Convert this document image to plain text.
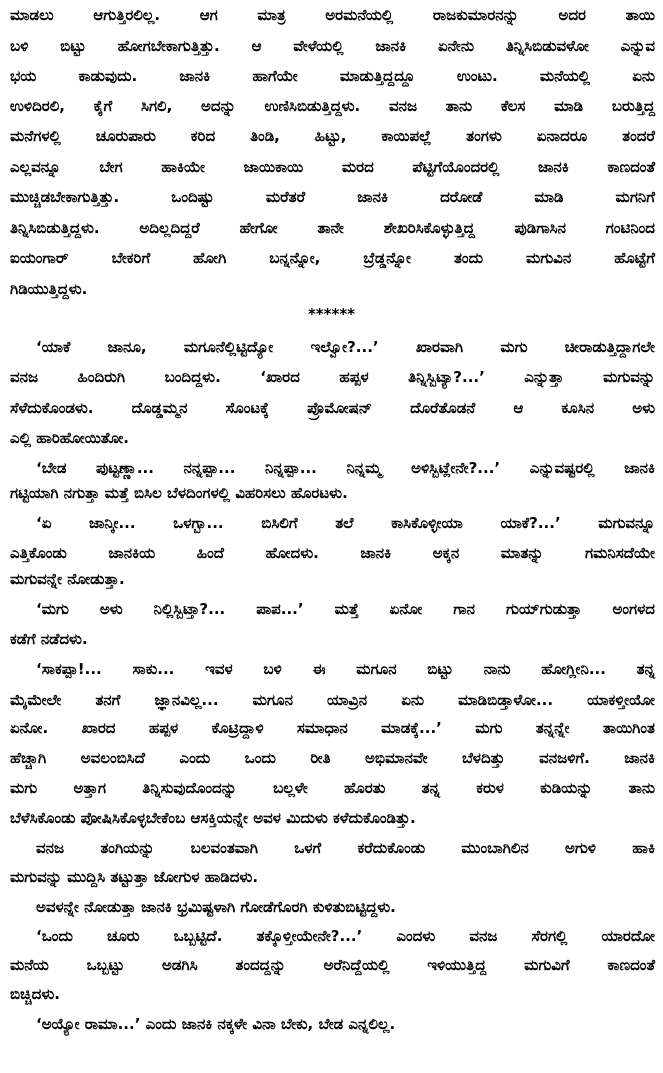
ಮಾಡಲು ಆಗುತ್ತಿರಲಿಲ್ಲ. ಆಗ ಮಾತ್ರ ಅರಮನೆಯಲ್ಲಿ ರಾಜಕುಮಾರನನ್ನು ಅದರ ತಾಯಿ
ಬಳಿ ಬಿಟ್ಟು ಹೋಗಬೇಕಾಗುತ್ತಿತ್ತು. ಆ ವೇಳೆಯಲ್ಲಿ ಜಾನಕಿ ಏನೇನು ತಿನ್ನಿಸಿಬಿಡುವಳೋ ಎನ್ನುವ
ಭಯ ಕಾಡುವುದು. ಜಾನಕಿ ಹಾಗೆಯೇ ಮಾಡುತ್ತಿದ್ದದ್ದೂ ಉಂಟು. ಮನೆಯಲ್ಲಿ ಏನು
ಉಳಿದಿರಲಿ, ಕೈಗೆ ಸಿಗಲಿ, ಅದನ್ನು ಉಣಿಸಿಬಿಡುತ್ತಿದ್ದಳು. ವನಜ ತಾನು ಕೆಲಸ ಮಾಡಿ ಬರುತ್ತಿದ್ದ
ಮನೆಗಳಲ್ಲಿ ಚೂರುಪಾರು ಕರಿದ ತಿಂಡಿ, ಹಿಟ್ಟು, ಕಾಯಿಪಲ್ಲೆ ತಂಗಳು ಏನಾದರೂ ತಂದರೆ
ಎಲ್ಲವನ್ನೂ ಬೇಗ ಹಾಕಿಯೇ ಜಾಯಿಕಾಯಿ ಮರದ ಪೆಟ್ಟಿಗೆಯೊಂದರಲ್ಲಿ ಜಾನಕಿ ಕಾಣದಂತೆ
ಮುಚ್ಚಿಡಬೇಕಾಗುತ್ತಿತ್ತು. ಒಂದಿಷ್ಟು ಮರೆತರೆ ಜಾನಕಿ ದರೋಡೆ ಮಾಡಿ ಮಗನಿಗೆ
ತಿನ್ನಿಸಿಬಿಡುತ್ತಿದ್ದಳು. ಅದಿಲ್ಲದಿದ್ದರೆ ಹೇಗೋ ತಾನೇ ಶೇಖರಿಸಿಕೊಳ್ಳುತ್ತಿದ್ದ ಪುಡಿಗಾಸಿನ ಗಂಟಿನಿಂದ
ಐಯಂಗಾರ್ ಬೇಕರಿಗೆ ಹೋಗಿ ಬನ್ನನ್ನೋ, ಬ್ರೆಡ್ಡನ್ನೋ ತಂದು ಮಗುವಿನ ಹೊಟ್ಟೆಗೆ
ಗಿಡಿಯುತ್ತಿದ್ದಳು.
******
‘ಯಾಕೆ ಜಾನೂ, ಮಗೂನೆಲ್ಲಿಟ್ಟಿದ್ಯೋ ಇಲ್ವೋ?...’ ಖಾರವಾಗಿ ಮಗು ಚೀರಾಡುತ್ತಿದ್ದಾಗಲೇ
ವನಜ ಹಿಂದಿರುಗಿ ಬಂದಿದ್ದಳು. ‘ಖಾರದ ಹಪ್ಪಳ ತಿನ್ನಿಸ್ಬಿಟ್ಯಾ?...’ ಎನ್ನುತ್ತಾ ಮಗುವನ್ನು
ಸೆಳೆದುಕೊಂಡಳು. ದೊಡ್ಡಮ್ಮನ ಸೊಂಟಕ್ಕೆ ಪ್ರೊಮೋಷನ್ ದೊರೆತೊಡನೆ ಆ ಕೂಸಿನ ಅಳು
ಎಲ್ಲಿ ಹಾರಿಹೋಯಿತೋ.
‘ಬೇಡ ಪುಟ್ಟಣ್ಣಾ... ನನ್ನಪ್ಪಾ... ನಿನ್ನಪ್ಪಾ... ನಿನ್ನಮ್ಮ ಅಳಿಸ್ಬಿಟ್ಲೇನೇ?...’ ಎನ್ನುವಷ್ಟರಲ್ಲಿ ಜಾನಕಿ
ಗಟ್ಟಿಯಾಗಿ ನಗುತ್ತಾ ಮತ್ತೆ ಬಿಸಿಲ ಬೆಳದಿಂಗಳಲ್ಲಿ ವಿಹರಿಸಲು ಹೊರಟಳು.
‘ಏ ಜಾನ್ಕೀ... ಒಳಗ್ಬಾ... ಬಿಸಿಲಿಗೆ ತಲೆ ಕಾಸಿಕೊಳ್ಳೀಯಾ ಯಾಕೆ?...’ ಮಗುವನ್ನೂ
ಎತ್ತಿಕೊಂಡು ಜಾನಕಿಯ ಹಿಂದೆ ಹೋದಳು. ಜಾನಕಿ ಅಕ್ಕನ ಮಾತನ್ನು ಗಮನಿಸದೆಯೇ
ಮಗುವನ್ನೇ ನೋಡುತ್ತಾ.
‘ಮಗು ಅಳು ನಿಲ್ಲಿಸ್ಬಿಟ್ತಾ?... ಪಾಪ...’ ಮತ್ತೆ ಏನೋ ಗಾನ ಗುಯ್‌ಗುಡುತ್ತಾ ಅಂಗಳದ
ಕಡೆಗೆ ನಡೆದಳು.
‘ಸಾಕಪ್ಪಾ!... ಸಾಕು... ಇವಳ ಬಳಿ ಈ ಮಗೂನ ಬಿಟ್ಟು ನಾನು ಹೋಗ್ಲೀನಿ... ತನ್ನ
ಮೈಮೇಲೇ ತನಗೆ ಜ್ಞಾನವಿಲ್ಲ... ಮಗೂನ ಯಾವ್ರಿನ ಏನು ಮಾಡಿಬಿಡ್ತಾಳೋ... ಯಾಕಳ್ತೀಯೋ
ಏನೋ. ಖಾರದ ಹಪ್ಪಳ ಕೊಟ್ರಿದ್ದಾಳಿ ಸಮಾಧಾನ ಮಾಡಕ್ಕೆ...’ ಮಗು ತನ್ನನ್ನೇ ತಾಯಿಗಿಂತ
ಹೆಚ್ಚಾಗಿ ಅವಲಂಬಿಸಿದೆ ಎಂದು ಒಂದು ರೀತಿ ಅಭಿಮಾನವೇ ಬೆಳದಿತ್ತು ವನಜಳಿಗೆ. ಜಾನಕಿ
ಮಗು ಅತ್ತಾಗ ತಿನ್ನಿಸುವುದೊಂದನ್ನು ಬಲ್ಲಳೇ ಹೊರತು ತನ್ನ ಕರುಳ ಕುಡಿಯನ್ನು ತಾನು
ಬೆಳೆಸಿಕೊಂಡು ಪೋಷಿಸಿಕೊಳ್ಳಬೇಕೆಂಬ ಆಸಕ್ತಿಯನ್ನೇ ಅವಳ ಮಿದುಳು ಕಳೆದುಕೊಂಡಿತ್ತು.
ವನಜ ತಂಗಿಯನ್ನು ಬಲವಂತವಾಗಿ ಒಳಗೆ ಕರೆದುಕೊಂಡು ಮುಂಬಾಗಿಲಿನ ಅಗುಳಿ ಹಾಕಿ
ಮಗುವನ್ನು ಮುದ್ದಿಸಿ ತಟ್ಟುತ್ತಾ ಜೋಗುಳ ಹಾಡಿದಳು.
ಅವಳನ್ನೇ ನೋಡುತ್ತಾ ಜಾನಕಿ ಭ್ರಮಿಷ್ಟಳಾಗಿ ಗೋಡೆಗೊರಗಿ ಕುಳಿತುಬಿಟ್ಟಿದ್ದಳು.
‘ಒಂದು ಚೂರು ಒಬ್ಬಟ್ಟಿದೆ. ತಕ್ಕೊಳ್ತೀಯೇನೇ?...’ ಎಂದಳು ವನಜ ಸೆರಗಲ್ಲಿ ಯಾರದೋ
ಮನೆಯ ಒಬ್ಬಟ್ಟು ಅಡಗಿಸಿ ತಂದದ್ದನ್ನು ಅರೆನಿದ್ದೆಯಲ್ಲಿ ಇಳಿಯುತ್ತಿದ್ದ ಮಗುವಿಗೆ ಕಾಣದಂತೆ
ಬಿಚ್ಚಿದಳು.
‘ಅಯ್ಯೋ ರಾಮಾ...’ ಎಂದು ಜಾನಕಿ ನಕ್ಕಳೇ ವಿನಾ ಬೇಕು, ಬೇಡ ಎನ್ನಲಿಲ್ಲ.
